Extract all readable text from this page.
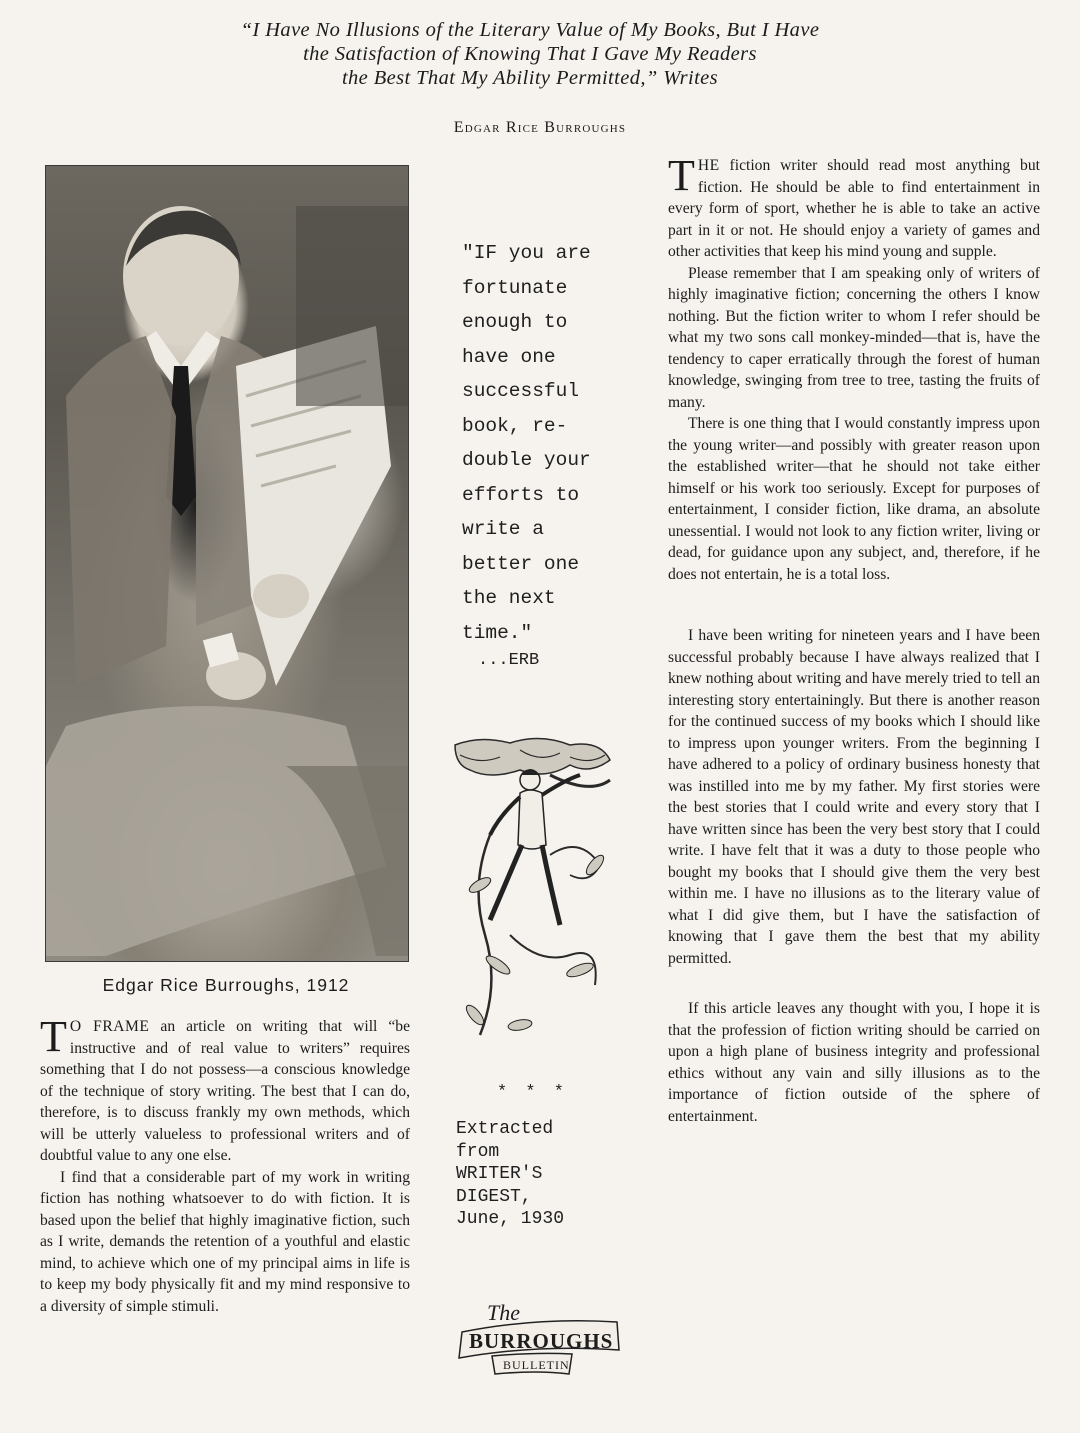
“I Have No Illusions of the Literary Value of My Books, But I Have
the Satisfaction of Knowing That I Gave My Readers
the Best That My Ability Permitted,” Writes
Edgar Rice Burroughs
Edgar Rice Burroughs, 1912

T O FRAME an article on writing that will “be instructive and of real value to writers” requires something that I do not possess—a conscious knowledge of the technique of story writing. The best that I can do, therefore, is to discuss frankly my own methods, which will be utterly valueless to professional writers and of doubtful value to any one else.

I find that a considerable part of my work in writing fiction has nothing whatsoever to do with fiction. It is based upon the belief that highly imaginative fiction, such as I write, demands the retention of a youthful and elastic mind, to achieve which one of my principal aims in life is to keep my body physically fit and my mind responsive to a diversity of simple stimuli.

"IF you are
fortunate
enough to
have one
successful
book, re-
double your
efforts to
write a
better one
the next
time."
...ERB
* * *
Extracted
from
WRITER'S
DIGEST,
June, 1930
The
BURROUGHS
BULLETIN

THE fiction writer should read most anything but fiction. He should be able to find entertainment in every form of sport, whether he is able to take an active part in it or not. He should enjoy a variety of games and other activities that keep his mind young and supple.

Please remember that I am speaking only of writers of highly imaginative fiction; concerning the others I know nothing. But the fiction writer to whom I refer should be what my two sons call monkey-minded—that is, have the tendency to caper erratically through the forest of human knowledge, swinging from tree to tree, tasting the fruits of many.

There is one thing that I would constantly impress upon the young writer—and possibly with greater reason upon the established writer—that he should not take either himself or his work too seriously. Except for purposes of entertainment, I consider fiction, like drama, an absolute unessential. I would not look to any fiction writer, living or dead, for guidance upon any subject, and, therefore, if he does not entertain, he is a total loss.

I have been writing for nineteen years and I have been successful probably because I have always realized that I knew nothing about writing and have merely tried to tell an interesting story entertainingly. But there is another reason for the continued success of my books which I should like to impress upon younger writers. From the beginning I have adhered to a policy of ordinary business honesty that was instilled into me by my father. My first stories were the best stories that I could write and every story that I have written since has been the very best story that I could write. I have felt that it was a duty to those people who bought my books that I should give them the very best within me. I have no illusions as to the literary value of what I did give them, but I have the satisfaction of knowing that I gave them the best that my ability permitted.

If this article leaves any thought with you, I hope it is that the profession of fiction writing should be carried on upon a high plane of business integrity and professional ethics without any vain and silly illusions as to the importance of fiction outside of the sphere of entertainment.
